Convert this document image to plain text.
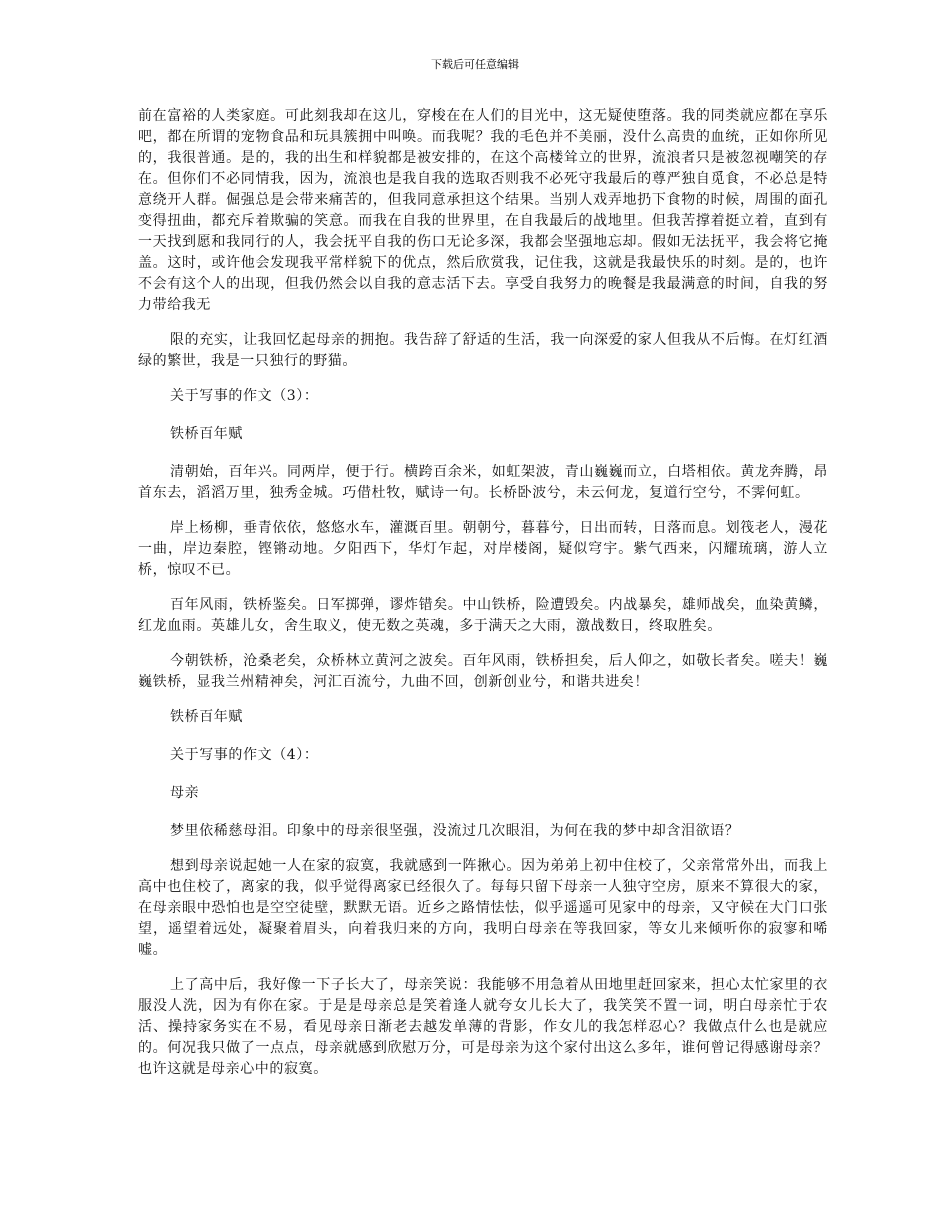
下载后可任意编辑

前在富裕的人类家庭。可此刻我却在这儿，穿梭在在人们的目光中，这无疑使堕落。我的同类就应都在享乐吧，都在所谓的宠物食品和玩具簇拥中叫唤。而我呢？我的毛色并不美丽，没什么高贵的血统，正如你所见的，我很普通。是的，我的出生和样貌都是被安排的，在这个高楼耸立的世界，流浪者只是被忽视嘲笑的存在。但你们不必同情我，因为，流浪也是我自我的选取否则我不必死守我最后的尊严独自觅食，不必总是特意绕开人群。倔强总是会带来痛苦的，但我同意承担这个结果。当别人戏弄地扔下食物的时候，周围的面孔变得扭曲，都充斥着欺骗的笑意。而我在自我的世界里，在自我最后的战地里。但我苦撑着挺立着，直到有一天找到愿和我同行的人，我会抚平自我的伤口无论多深，我都会坚强地忘却。假如无法抚平，我会将它掩盖。这时，或许他会发现我平常样貌下的优点，然后欣赏我，记住我，这就是我最快乐的时刻。是的，也许不会有这个人的出现，但我仍然会以自我的意志活下去。享受自我努力的晚餐是我最满意的时间，自我的努力带给我无

限的充实，让我回忆起母亲的拥抱。我告辞了舒适的生活，我一向深爱的家人但我从不后悔。在灯红酒绿的繁世，我是一只独行的野猫。

关于写事的作文（3）：

铁桥百年赋

清朝始，百年兴。同两岸，便于行。横跨百余米，如虹架波，青山巍巍而立，白塔相依。黄龙奔腾，昂首东去，滔滔万里，独秀金城。巧借杜牧，赋诗一句。长桥卧波兮，未云何龙，复道行空兮，不霁何虹。

岸上杨柳，垂青依依，悠悠水车，灌溉百里。朝朝兮，暮暮兮，日出而转，日落而息。划筏老人，漫花一曲，岸边秦腔，铿锵动地。夕阳西下，华灯乍起，对岸楼阁，疑似穹宇。紫气西来，闪耀琉璃，游人立桥，惊叹不已。

百年风雨，铁桥鉴矣。日军掷弹，谬炸错矣。中山铁桥，险遭毁矣。内战暴矣，雄师战矣，血染黄鳞，红龙血雨。英雄儿女，舍生取义，使无数之英魂，多于满天之大雨，激战数日，终取胜矣。

今朝铁桥，沧桑老矣，众桥林立黄河之波矣。百年风雨，铁桥担矣，后人仰之，如敬长者矣。嗟夫！巍巍铁桥，显我兰州精神矣，河汇百流兮，九曲不回，创新创业兮，和谐共进矣！

铁桥百年赋

关于写事的作文（4）：

母亲

梦里依稀慈母泪。印象中的母亲很坚强，没流过几次眼泪，为何在我的梦中却含泪欲语？

想到母亲说起她一人在家的寂寞，我就感到一阵揪心。因为弟弟上初中住校了，父亲常常外出，而我上高中也住校了，离家的我，似乎觉得离家已经很久了。每每只留下母亲一人独守空房，原来不算很大的家，在母亲眼中恐怕也是空空徒壁，默默无语。近乡之路情怯怯，似乎遥遥可见家中的母亲，又守候在大门口张望，遥望着远处，凝聚着眉头，向着我归来的方向，我明白母亲在等我回家，等女儿来倾听你的寂寥和唏嘘。

上了高中后，我好像一下子长大了，母亲笑说：我能够不用急着从田地里赶回家来，担心太忙家里的衣服没人洗，因为有你在家。于是是母亲总是笑着逢人就夸女儿长大了，我笑笑不置一词，明白母亲忙于农活、操持家务实在不易，看见母亲日渐老去越发单薄的背影，作女儿的我怎样忍心？我做点什么也是就应的。何况我只做了一点点，母亲就感到欣慰万分，可是母亲为这个家付出这么多年，谁何曾记得感谢母亲？也许这就是母亲心中的寂寞。
